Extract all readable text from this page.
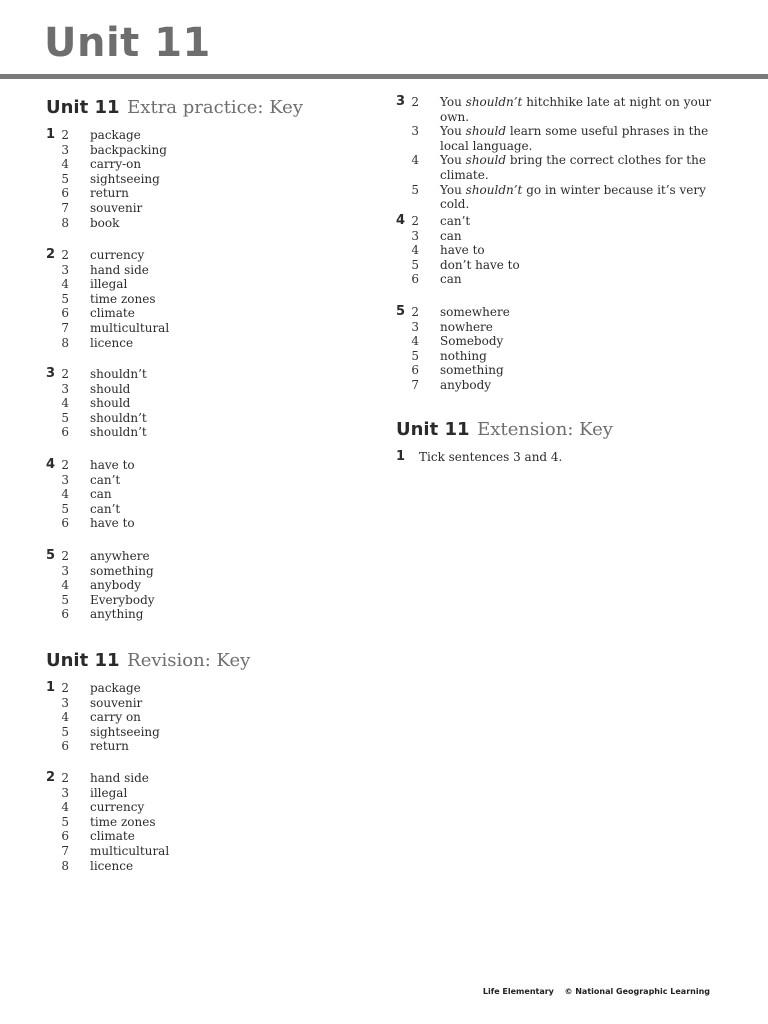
Unit 11
Unit 11 Extra practice: Key
1 2 package
3 backpacking
4 carry-on
5 sightseeing
6 return
7 souvenir
8 book
2 2 currency
3 hand side
4 illegal
5 time zones
6 climate
7 multicultural
8 licence
3 2 shouldn’t
3 should
4 should
5 shouldn’t
6 shouldn’t
4 2 have to
3 can’t
4 can
5 can’t
6 have to
5 2 anywhere
3 something
4 anybody
5 Everybody
6 anything
Unit 11 Revision: Key
1 2 package
3 souvenir
4 carry on
5 sightseeing
6 return
2 2 hand side
3 illegal
4 currency
5 time zones
6 climate
7 multicultural
8 licence
3 2 You shouldn’t hitchhike late at night on your own.
3 You should learn some useful phrases in the local language.
4 You should bring the correct clothes for the climate.
5 You shouldn’t go in winter because it’s very cold.
4 2 can’t
3 can
4 have to
5 don’t have to
6 can
5 2 somewhere
3 nowhere
4 Somebody
5 nothing
6 something
7 anybody
Unit 11 Extension: Key
1 Tick sentences 3 and 4.
Life Elementary © National Geographic Learning
